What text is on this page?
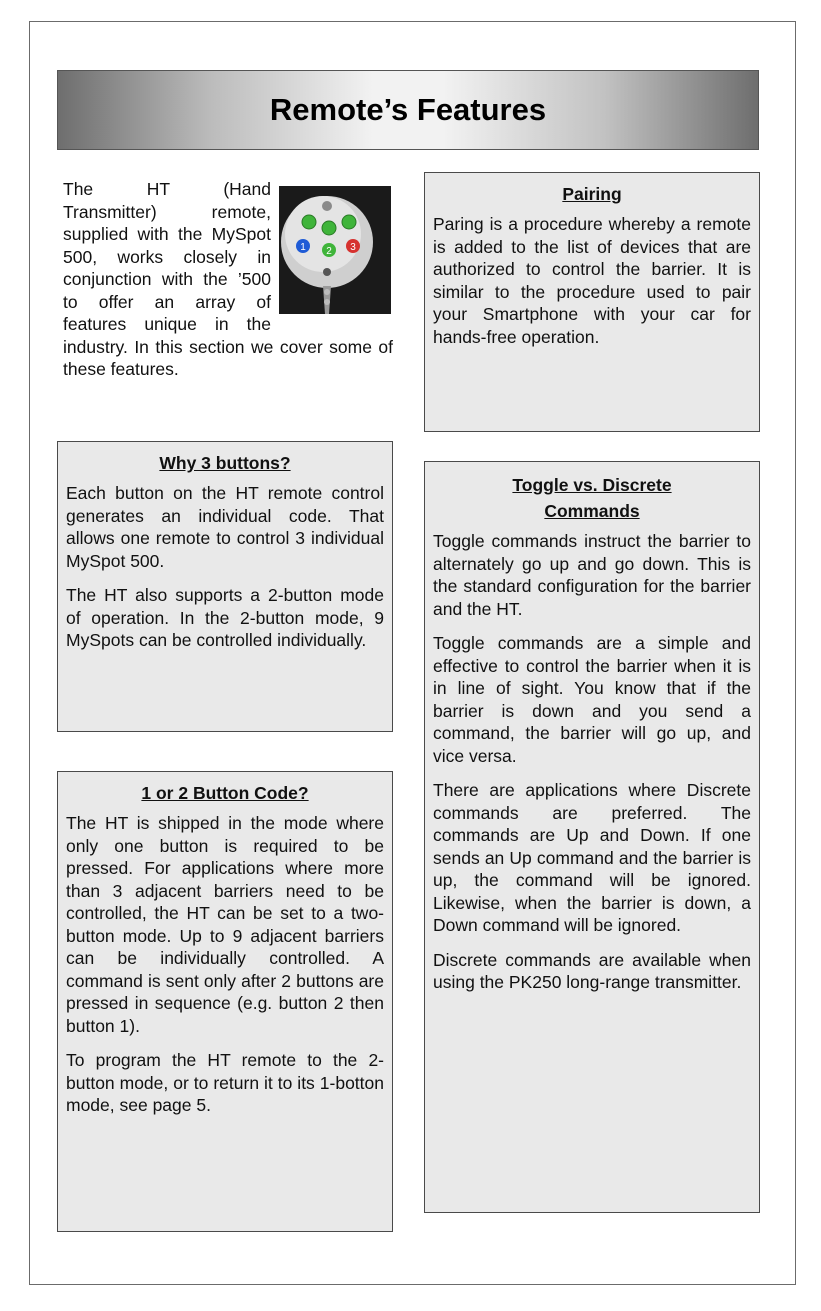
Remote’s Features
1 2 3

The HT (Hand Transmitter) remote, supplied with the MySpot 500, works closely in conjunction with the ’500 to offer an array of features unique in the industry. In this section we cover some of these features.

Pairing

Paring is a procedure whereby a remote is added to the list of devices that are authorized to control the barrier. It is similar to the procedure used to pair your Smartphone with your car for hands-free operation.

Why 3 buttons?

Each button on the HT remote control generates an individual code. That allows one remote to control 3 individual MySpot 500.

The HT also supports a 2-button mode of operation. In the 2-button mode, 9 MySpots can be controlled individually.

1 or 2 Button Code?

The HT is shipped in the mode where only one button is required to be pressed. For applications where more than 3 adjacent barriers need to be controlled, the HT can be set to a two-button mode. Up to 9 adjacent barriers can be individually controlled. A command is sent only after 2 buttons are pressed in sequence (e.g. button 2 then button 1).

To program the HT remote to the 2-button mode, or to return it to its 1-botton mode, see page 5.

Toggle vs. Discrete Commands

Toggle commands instruct the barrier to alternately go up and go down. This is the standard configuration for the barrier and the HT.

Toggle commands are a simple and effective to control the barrier when it is in line of sight. You know that if the barrier is down and you send a command, the barrier will go up, and vice versa.

There are applications where Discrete commands are preferred. The commands are Up and Down. If one sends an Up command and the barrier is up, the command will be ignored. Likewise, when the barrier is down, a Down command will be ignored.

Discrete commands are available when using the PK250 long-range transmitter.
